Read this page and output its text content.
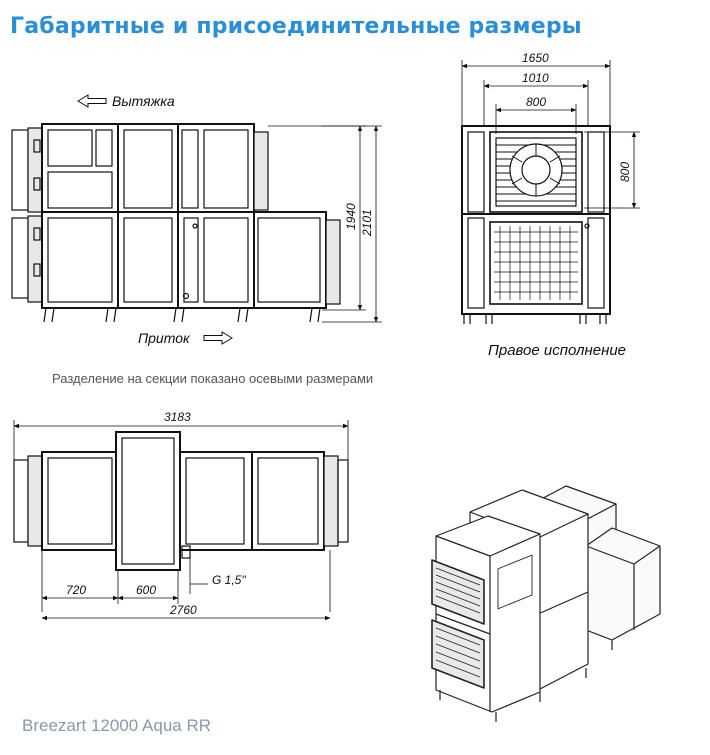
Габаритные и присоединительные размеры
1940 2101
Вытяжка
Приток
1650
1010
800
800
Правое исполнение
3183
720	600
2760
G 1,5"
Разделение на секции показано осевыми размерами
Breezart 12000 Aqua RR
